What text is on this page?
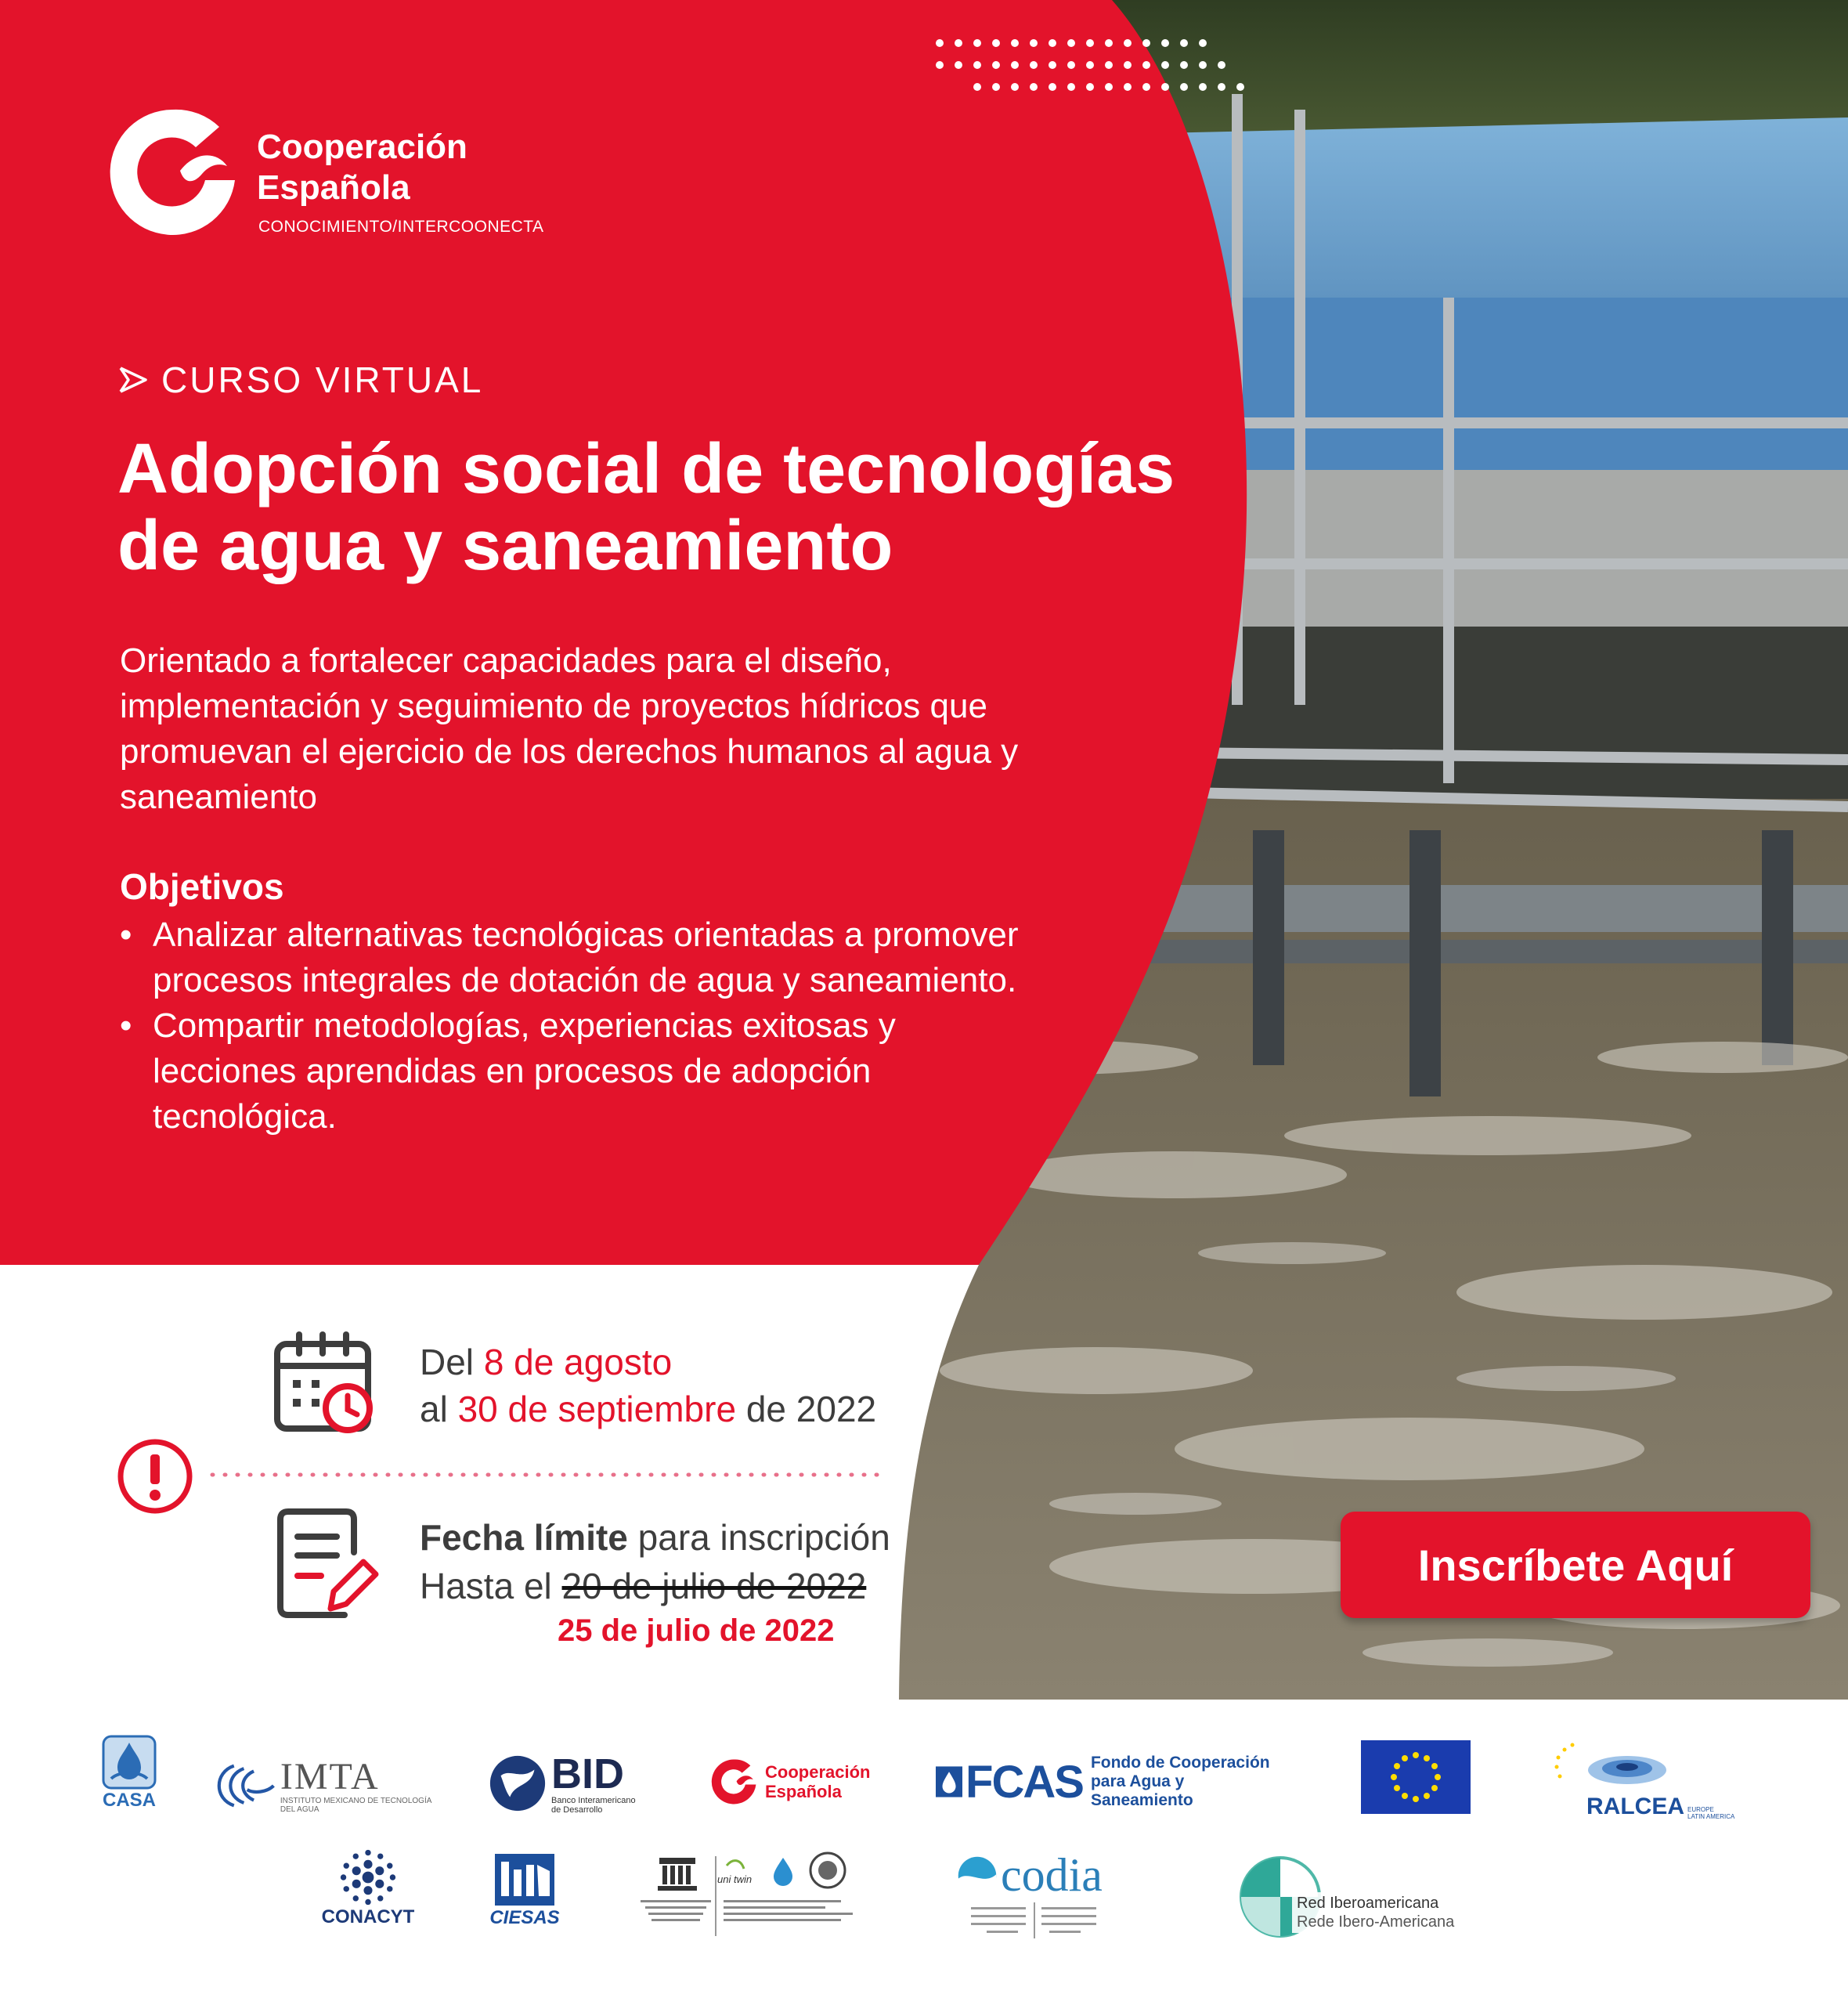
Cooperación
Española
CONOCIMIENTO/INTERCOONECTA
CURSO VIRTUAL
Adopción social de tecnologías
de agua y saneamiento
Orientado a fortalecer capacidades para el diseño, implementación y seguimiento de proyectos hídricos que promuevan el ejercicio de los derechos humanos al agua y saneamiento
Objetivos
• Analizar alternativas tecnológicas orientadas a promover procesos integrales de dotación de agua y saneamiento.
• Compartir metodologías, experiencias exitosas y lecciones aprendidas en procesos de adopción tecnológica.
Del 8 de agosto
al 30 de septiembre de 2022
Fecha límite para inscripción
Hasta el 20 de julio de 2022
25 de julio de 2022
Inscríbete Aquí
CASA
IMTA
INSTITUTO MEXICANO DE TECNOLOGÍA DEL AGUA
BID
Banco Interamericano
de Desarrollo
Cooperación
Española	FCAS Fondo de Cooperación
para Agua y Saneamiento	RALCEA EUROPE
LATIN AMERICA
CONACYT	CIESAS
uni twin	codia
Red Iberoamericana
Rede Ibero-Americana
